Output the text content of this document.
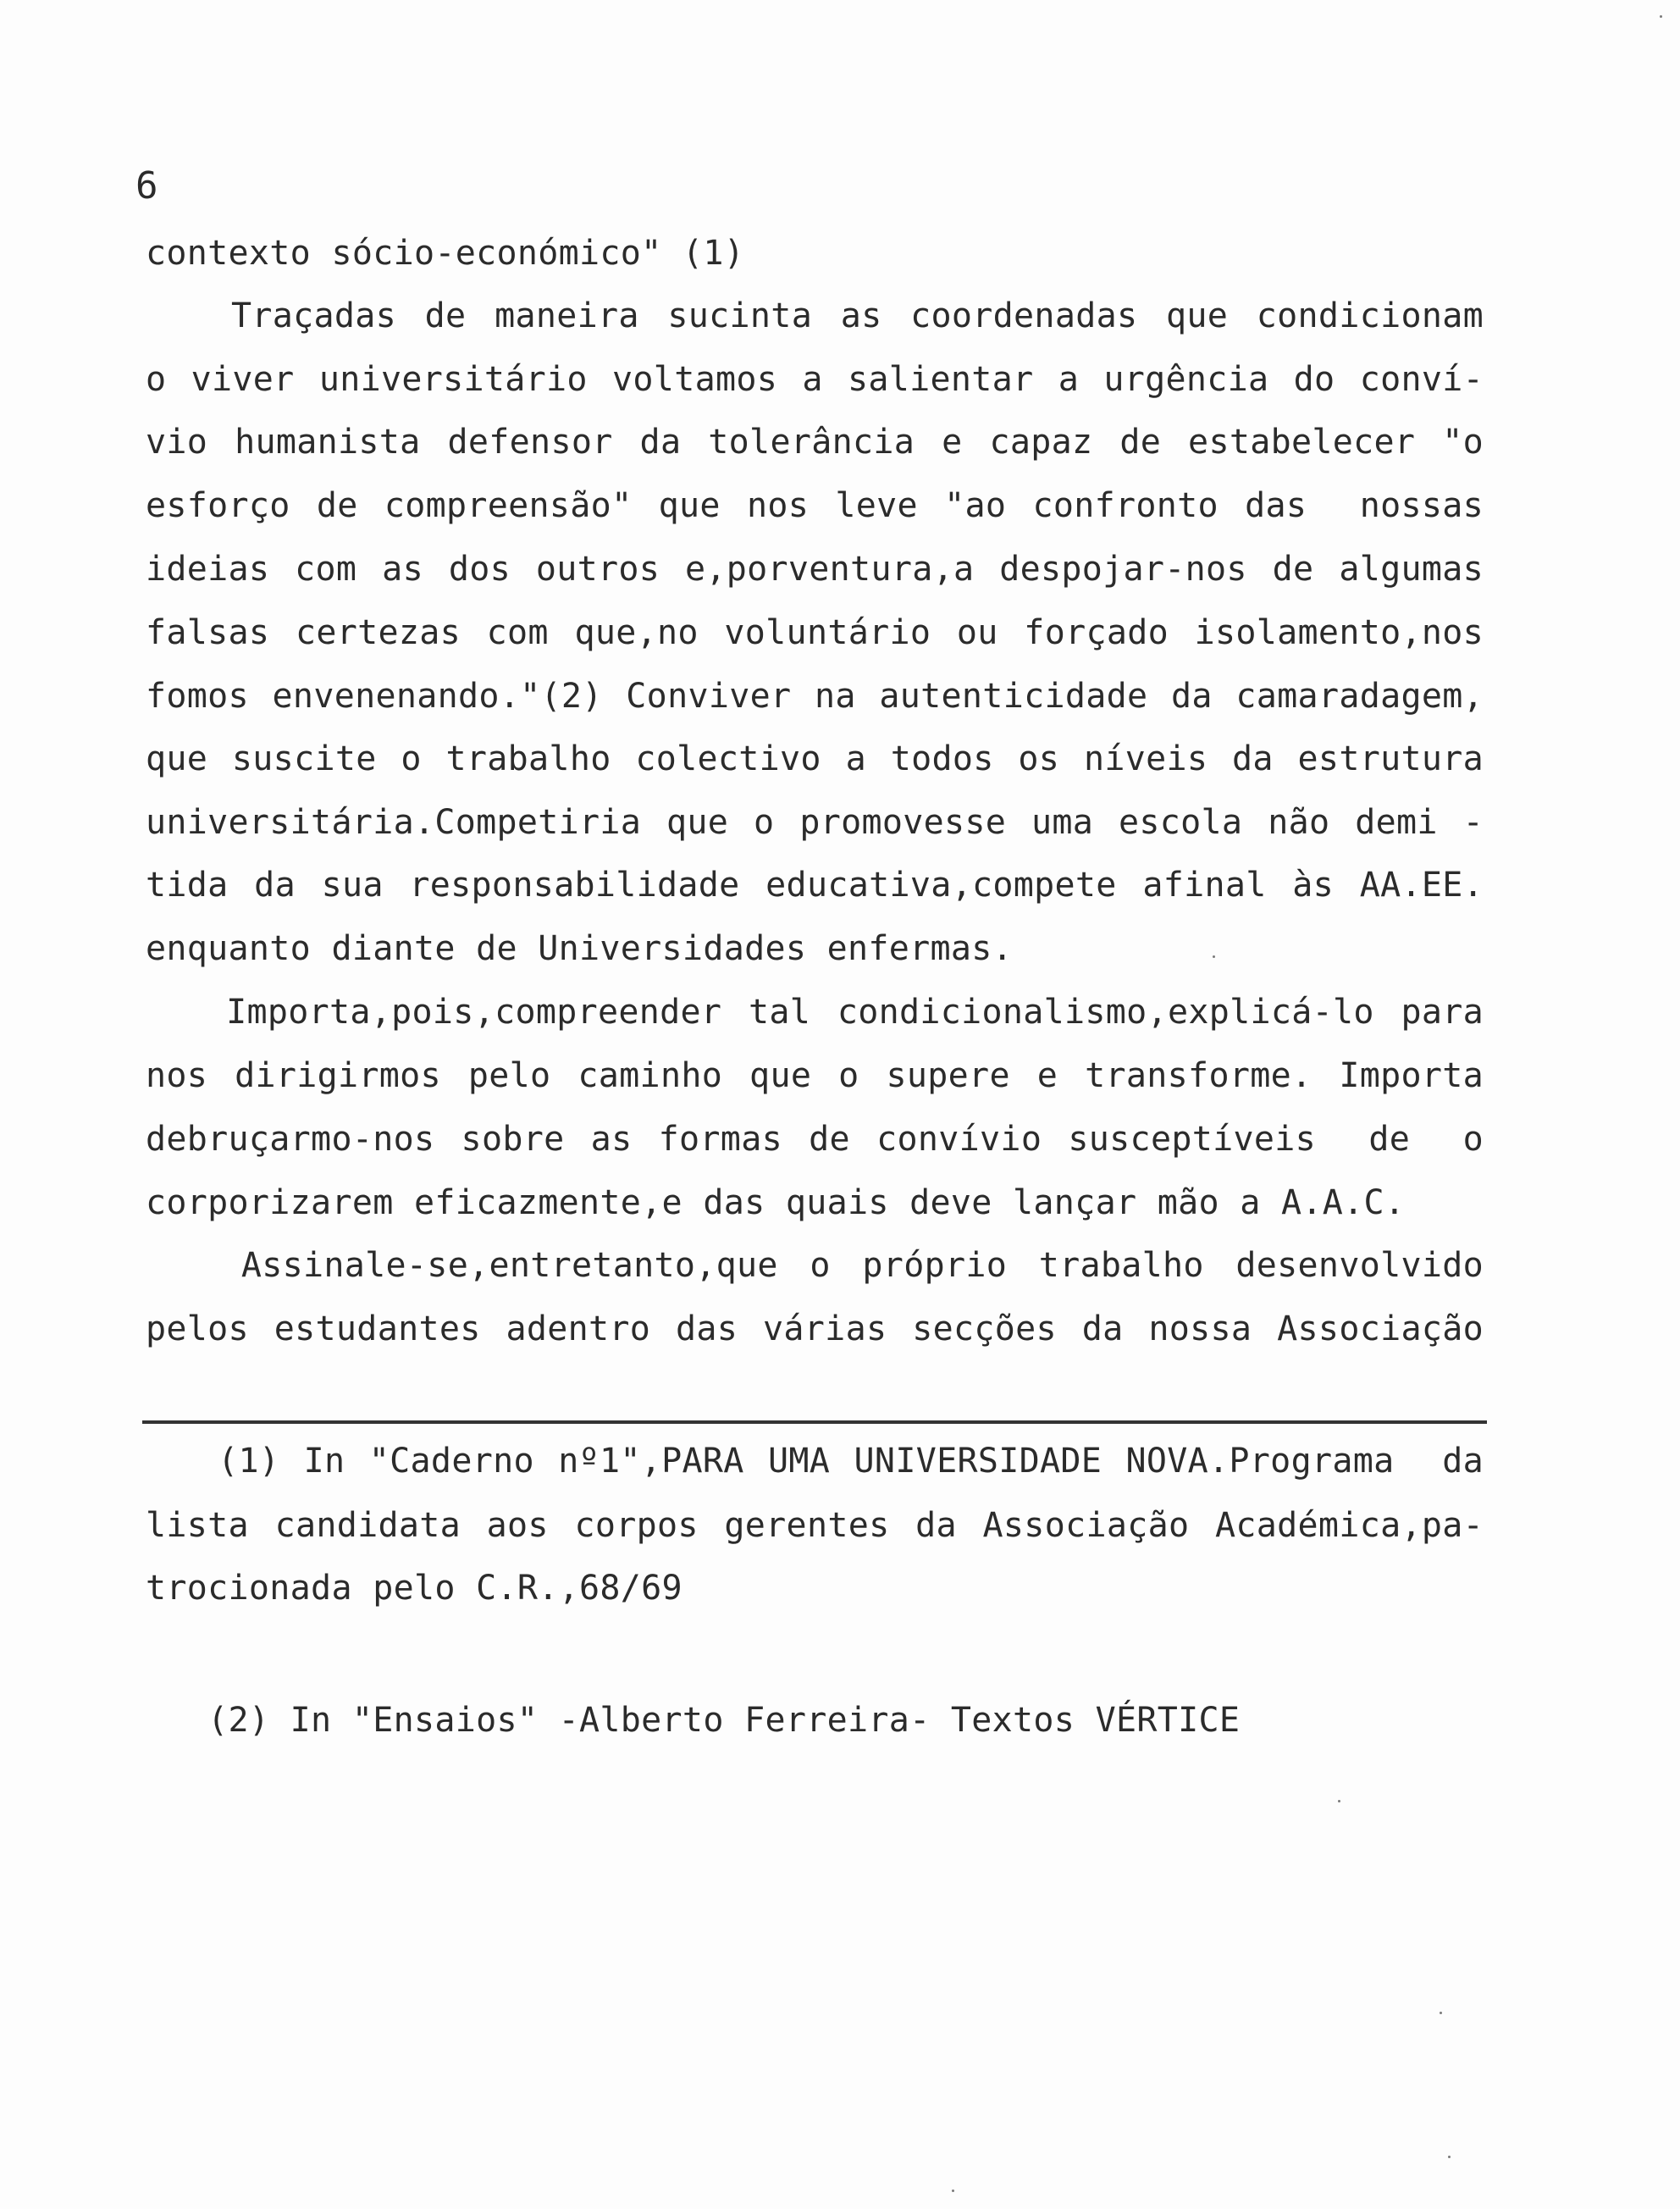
6
contexto sócio-económico" (1)
Traçadas de maneira sucinta as coordenadas que condicionam
o viver universitário voltamos a salientar a urgência do conví-
vio humanista defensor da tolerância e capaz de estabelecer "o
esforço de compreensão" que nos leve "ao confronto das  nossas
ideias com as dos outros e,porventura,a despojar-nos de algumas
falsas certezas com que,no voluntário ou forçado isolamento,nos
fomos envenenando."(2) Conviver na autenticidade da camaradagem,
que suscite o trabalho colectivo a todos os níveis da estrutura
universitária.Competiria que o promovesse uma escola não demi -
tida da sua responsabilidade educativa,compete afinal às AA.EE.
enquanto diante de Universidades enfermas.
Importa,pois,compreender tal condicionalismo,explicá-lo para
nos dirigirmos pelo caminho que o supere e transforme. Importa
debruçarmo-nos sobre as formas de convívio susceptíveis  de  o
corporizarem eficazmente,e das quais deve lançar mão a A.A.C.
Assinale-se,entretanto,que o próprio trabalho desenvolvido
pelos estudantes adentro das várias secções da nossa Associação
(1) In "Caderno nº1",PARA UMA UNIVERSIDADE NOVA.Programa  da
lista candidata aos corpos gerentes da Associação Académica,pa-
trocionada pelo C.R.,68/69
(2) In "Ensaios" -Alberto Ferreira- Textos VÉRTICE
